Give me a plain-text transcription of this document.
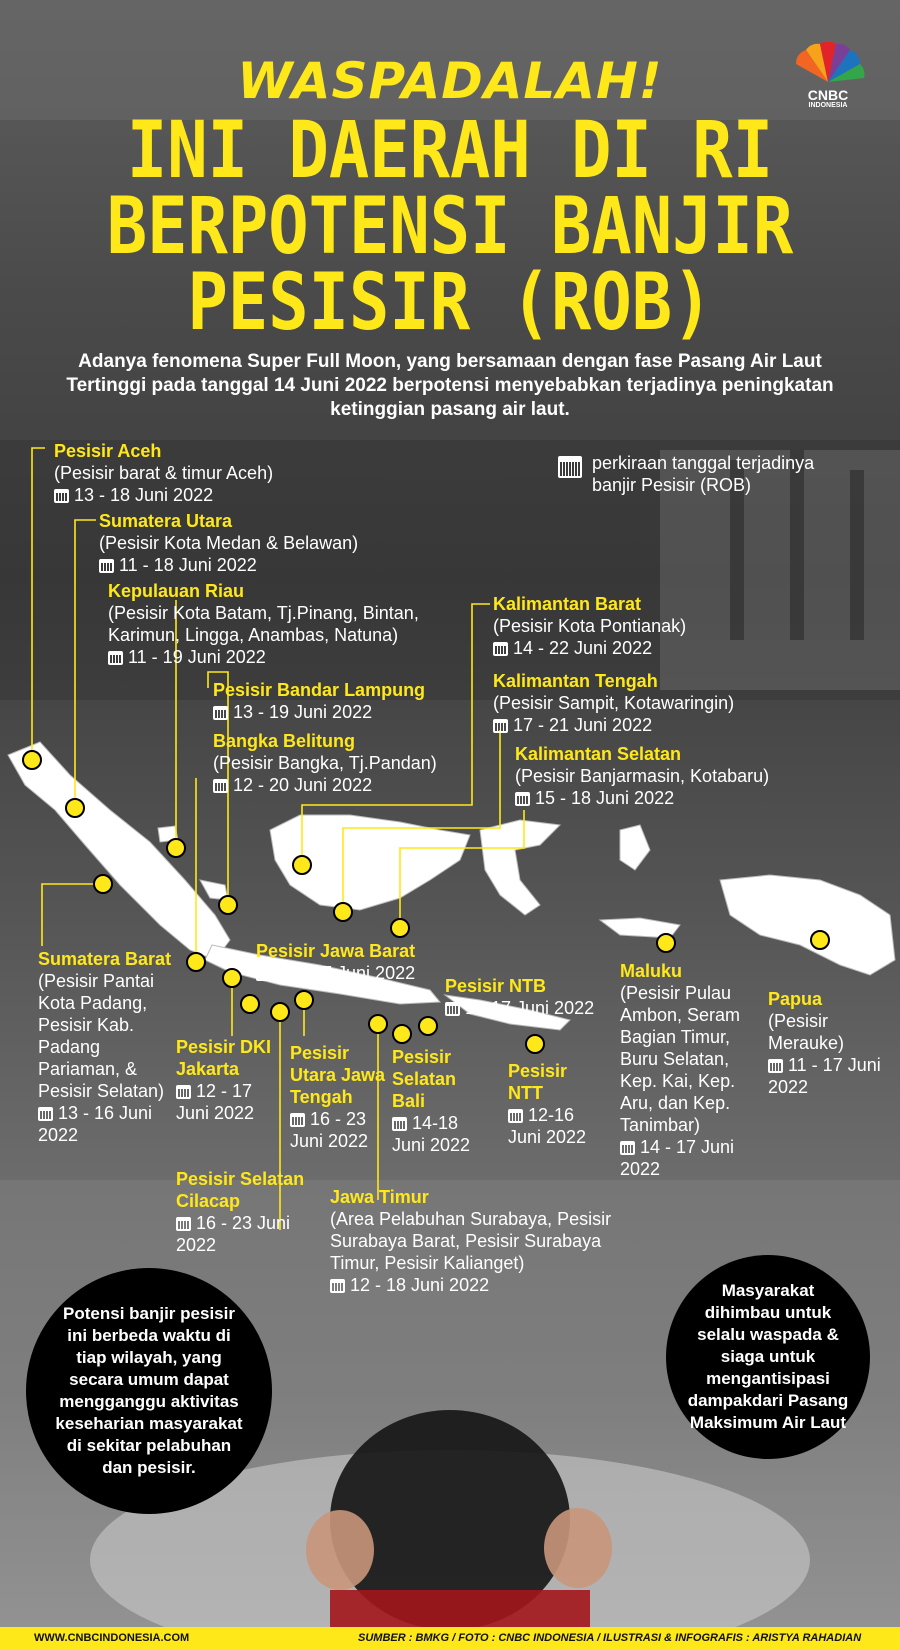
CNBC
INDONESIA
WASPADALAH!
INI DAERAH DI RI
BERPOTENSI BANJIR
PESISIR (ROB)
Adanya fenomena Super Full Moon, yang bersamaan dengan fase Pasang Air Laut Tertinggi pada tanggal 14 Juni 2022 berpotensi menyebabkan terjadinya peningkatan ketinggian pasang air laut.
perkiraan tanggal terjadinya banjir Pesisir (ROB)
Pesisir Aceh
(Pesisir barat & timur Aceh)
13 - 18 Juni 2022
Sumatera Utara
(Pesisir Kota Medan & Belawan)
11 - 18 Juni 2022
Kepulauan Riau
(Pesisir Kota Batam, Tj.Pinang, Bintan, Karimun, Lingga, Anambas, Natuna)
11 - 19 Juni 2022
Pesisir Bandar Lampung
13 - 19 Juni 2022
Bangka Belitung
(Pesisir Bangka, Tj.Pandan)
12 - 20 Juni 2022
Kalimantan Barat
(Pesisir Kota Pontianak)
14 - 22 Juni 2022
Kalimantan Tengah
(Pesisir Sampit, Kotawaringin)
17 - 21 Juni 2022
Kalimantan Selatan
(Pesisir Banjarmasin, Kotabaru)
15 - 18 Juni 2022
Sumatera Barat
(Pesisir Pantai Kota Padang, Pesisir Kab. Padang Pariaman, & Pesisir Selatan)
13 - 16 Juni 2022
Pesisir Jawa Barat
12 - 17 Juni 2022
Pesisir NTB
13-17 Juni 2022
Maluku
(Pesisir Pulau Ambon, Seram Bagian Timur, Buru Selatan, Kep. Kai, Kep. Aru, dan Kep. Tanimbar)
14 - 17 Juni 2022
Papua
(Pesisir Merauke)
11 - 17 Juni 2022
Pesisir DKI Jakarta
12 - 17 Juni 2022
Pesisir Utara Jawa Tengah
16 - 23 Juni 2022
Pesisir Selatan Bali
14-18 Juni 2022
Pesisir NTT
12-16 Juni 2022
Pesisir Selatan Cilacap
16 - 23 Juni 2022
Jawa Timur
(Area Pelabuhan Surabaya, Pesisir Surabaya Barat, Pesisir Surabaya Timur, Pesisir Kalianget)
12 - 18 Juni 2022
Potensi banjir pesisir ini berbeda waktu di tiap wilayah, yang secara umum dapat mengganggu aktivitas keseharian masyarakat di sekitar pelabuhan dan pesisir.
Masyarakat dihimbau untuk selalu waspada & siaga untuk mengantisipasi dampakdari Pasang Maksimum Air Laut
WWW.CNBCINDONESIA.COM	SUMBER : BMKG / FOTO : CNBC INDONESIA / ILUSTRASI & INFOGRAFIS : ARISTYA RAHADIAN
